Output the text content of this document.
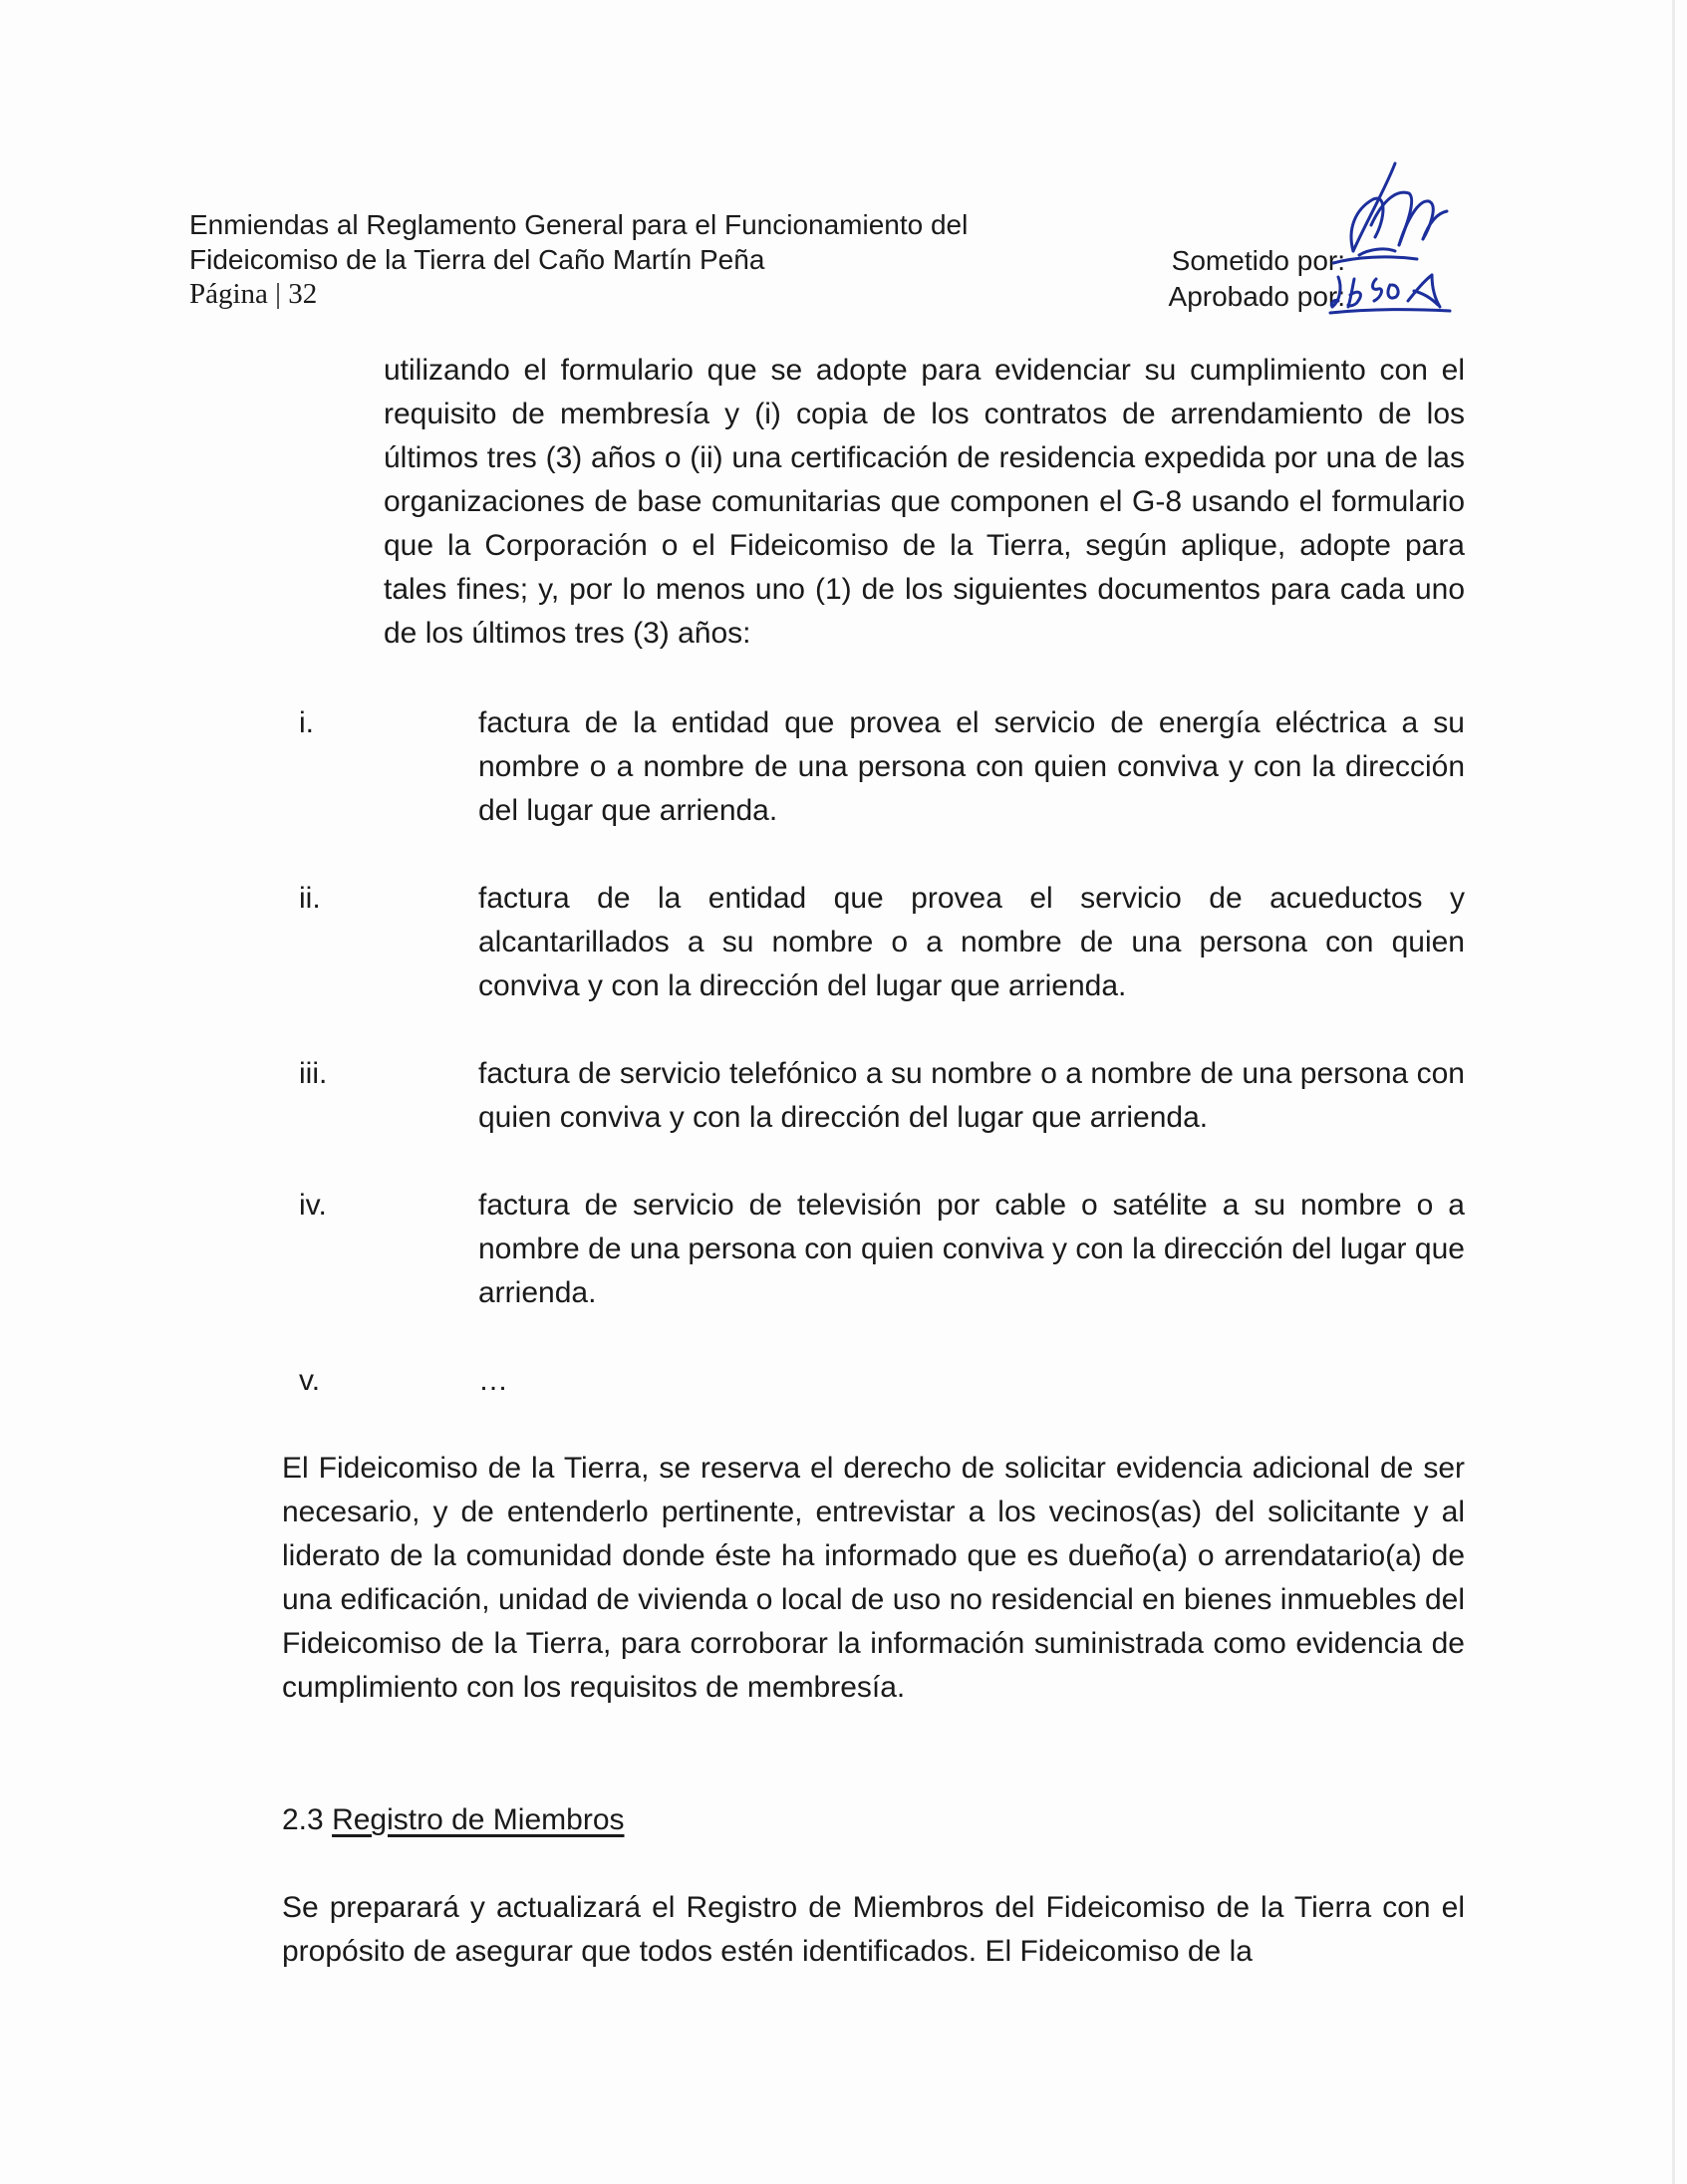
Enmiendas al Reglamento General para el Funcionamiento del
Fideicomiso de la Tierra del Caño Martín Peña
Página | 32
Sometido por:
Aprobado por:
utilizando el formulario que se adopte para evidenciar su cumplimiento con el requisito de membresía y (i) copia de los contratos de arrendamiento de los últimos tres (3) años o (ii) una certificación de residencia expedida por una de las organizaciones de base comunitarias que componen el G-8 usando el formulario que la Corporación o el Fideicomiso de la Tierra, según aplique, adopte para tales fines; y, por lo menos uno (1) de los siguientes documentos para cada uno de los últimos tres (3) años:
i.	factura de la entidad que provea el servicio de energía eléctrica a su nombre o a nombre de una persona con quien conviva y con la dirección del lugar que arrienda.
ii.	factura de la entidad que provea el servicio de acueductos y alcantarillados a su nombre o a nombre de una persona con quien conviva y con la dirección del lugar que arrienda.
iii.	factura de servicio telefónico a su nombre o a nombre de una persona con quien conviva y con la dirección del lugar que arrienda.
iv.	factura de servicio de televisión por cable o satélite a su nombre o a nombre de una persona con quien conviva y con la dirección del lugar que arrienda.
v.	…
El Fideicomiso de la Tierra, se reserva el derecho de solicitar evidencia adicional de ser necesario, y de entenderlo pertinente, entrevistar a los vecinos(as) del solicitante y al liderato de la comunidad donde éste ha informado que es dueño(a) o arrendatario(a) de una edificación, unidad de vivienda o local de uso no residencial en bienes inmuebles del Fideicomiso de la Tierra, para corroborar la información suministrada como evidencia de cumplimiento con los requisitos de membresía.
2.3 Registro de Miembros
Se preparará y actualizará el Registro de Miembros del Fideicomiso de la Tierra con el propósito de asegurar que todos estén identificados. El Fideicomiso de la
